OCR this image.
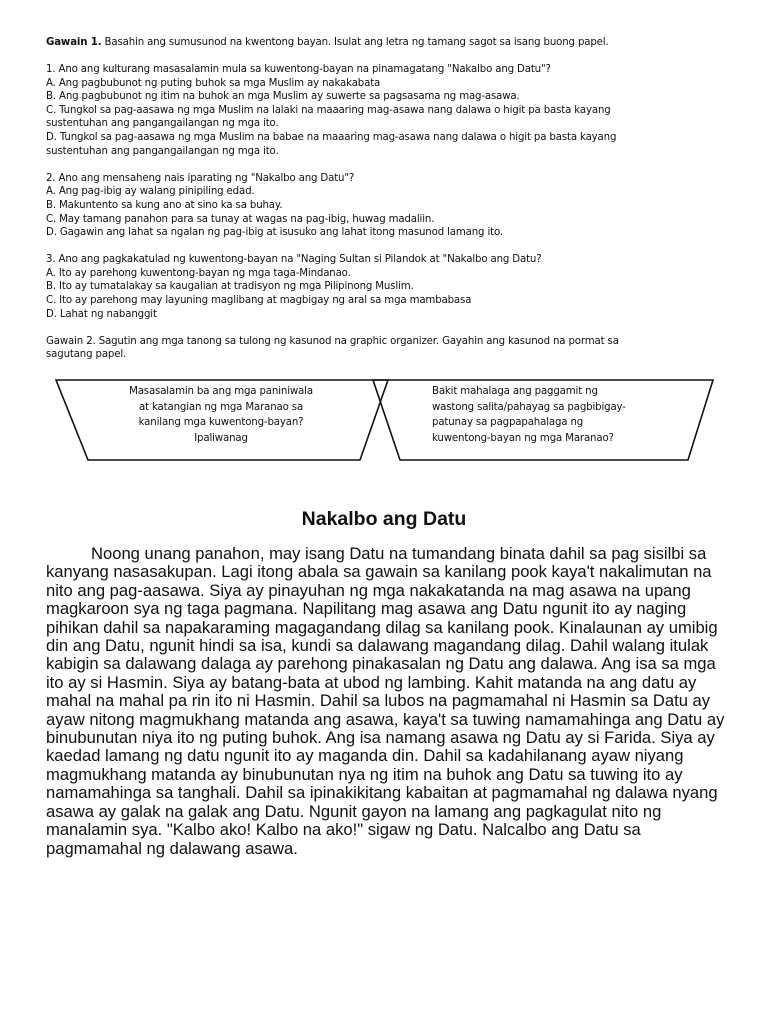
Gawain 1. Basahin ang sumusunod na kwentong bayan. Isulat ang letra ng tamang sagot sa isang buong papel.

1. Ano ang kulturang masasalamin mula sa kuwentong-bayan na pinamagatang "Nakalbo ang Datu"?

A. Ang pagbubunot ng puting buhok sa mga Muslim ay nakakabata

B. Ang pagbubunot ng itim na buhok an mga Muslim ay suwerte sa pagsasama ng mag-asawa.

C. Tungkol sa pag-aasawa ng mga Muslim na lalaki na maaaring mag-asawa nang dalawa o higit pa basta kayang

sustentuhan ang pangangailangan ng mga ito.

D. Tungkol sa pag-aasawa ng mga Muslim na babae na maaaring mag-asawa nang dalawa o higit pa basta kayang

sustentuhan ang pangangailangan ng mga ito.

2. Ano ang mensaheng nais iparating ng "Nakalbo ang Datu"?

A. Ang pag-ibig ay walang pinipiling edad.

B. Makuntento sa kung ano at sino ka sa buhay.

C. May tamang panahon para sa tunay at wagas na pag-ibig, huwag madaliin.

D. Gagawin ang lahat sa ngalan ng pag-ibig at isusuko ang lahat itong masunod lamang ito.

3. Ano ang pagkakatulad ng kuwentong-bayan na "Naging Sultan si Pilandok at "Nakalbo ang Datu?

A. Ito ay parehong kuwentong-bayan ng mga taga-Mindanao.

B. Ito ay tumatalakay sa kaugalian at tradisyon ng mga Pilipinong Muslim.

C. Ito ay parehong may layuning maglibang at magbigay ng aral sa mga mambabasa

D. Lahat ng nabanggit

Gawain 2. Sagutin ang mga tanong sa tulong ng kasunod na graphic organizer. Gayahin ang kasunod na pormat sa

sagutang papel.

Masasalamin ba ang mga paniniwala
at katangian ng mga Maranao sa
kanilang mga kuwentong-bayan?
Ipaliwanag
Bakit mahalaga ang paggamit ng
wastong salita/pahayag sa pagbibigay-
patunay sa pagpapahalaga ng
kuwentong-bayan ng mga Maranao?
Nakalbo ang Datu

Noong unang panahon, may isang Datu na tumandang binata dahil sa pag sisilbi sa kanyang nasasakupan. Lagi itong abala sa gawain sa kanilang pook kaya't nakalimutan na nito ang pag-aasawa. Siya ay pinayuhan ng mga nakakatanda na mag asawa na upang magkaroon sya ng taga pagmana. Napilitang mag asawa ang Datu ngunit ito ay naging pihikan dahil sa napakaraming magagandang dilag sa kanilang pook. Kinalaunan ay umibig din ang Datu, ngunit hindi sa isa, kundi sa dalawang magandang dilag. Dahil walang itulak kabigin sa dalawang dalaga ay parehong pinakasalan ng Datu ang dalawa. Ang isa sa mga ito ay si Hasmin. Siya ay batang-bata at ubod ng lambing. Kahit matanda na ang datu ay mahal na mahal pa rin ito ni Hasmin. Dahil sa lubos na pagmamahal ni Hasmin sa Datu ay ayaw nitong magmukhang matanda ang asawa, kaya't sa tuwing namamahinga ang Datu ay binubunutan niya ito ng puting buhok. Ang isa namang asawa ng Datu ay si Farida. Siya ay kaedad lamang ng datu ngunit ito ay maganda din. Dahil sa kadahilanang ayaw niyang magmukhang matanda ay binubunutan nya ng itim na buhok ang Datu sa tuwing ito ay namamahinga sa tanghali. Dahil sa ipinakikitang kabaitan at pagmamahal ng dalawa nyang asawa ay galak na galak ang Datu. Ngunit gayon na lamang ang pagkagulat nito ng manalamin sya. "Kalbo ako! Kalbo na ako!" sigaw ng Datu. Nalcalbo ang Datu sa pagmamahal ng dalawang asawa.
